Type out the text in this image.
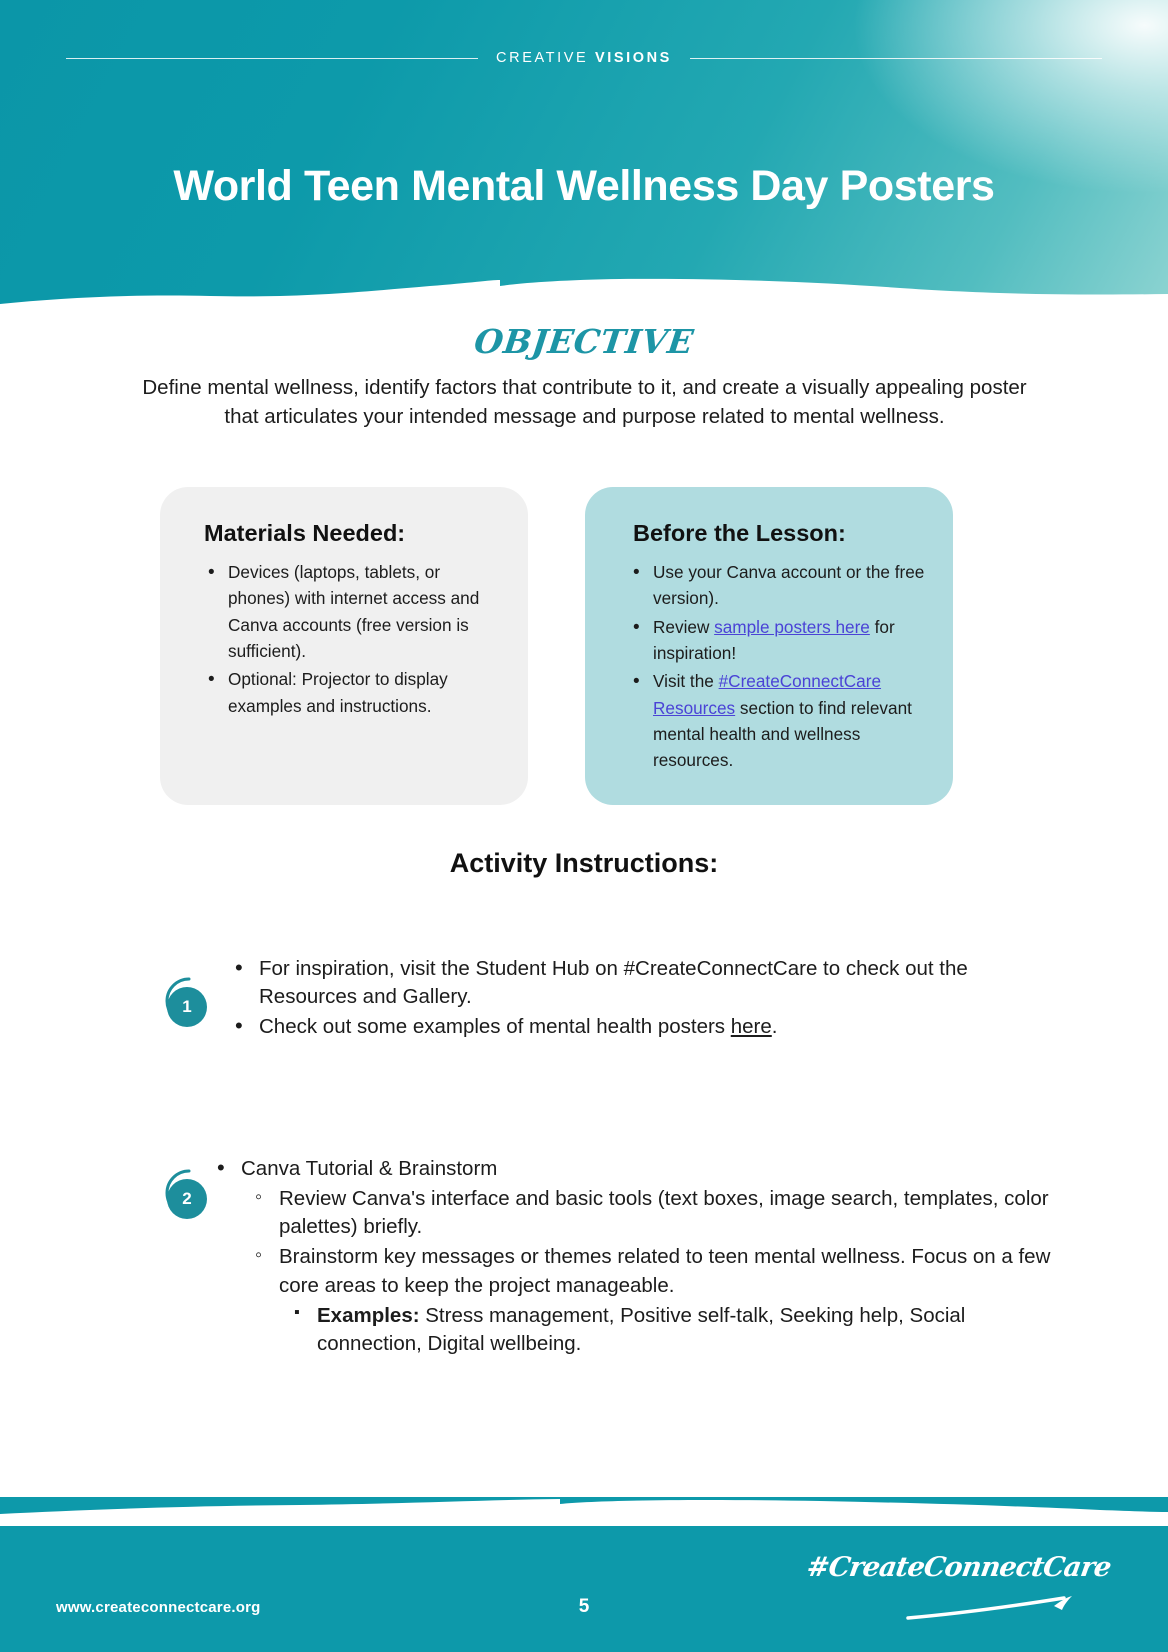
CREATIVE VISIONS
World Teen Mental Wellness Day Posters
OBJECTIVE
Define mental wellness, identify factors that contribute to it, and create a visually appealing poster that articulates your intended message and purpose related to mental wellness.
Materials Needed:
• Devices (laptops, tablets, or phones) with internet access and Canva accounts (free version is sufficient).
• Optional: Projector to display examples and instructions.
Before the Lesson:
• Use your Canva account or the free version).
• Review sample posters here for inspiration!
• Visit the #CreateConnectCare Resources section to find relevant mental health and wellness resources.
Activity Instructions:
1
• For inspiration, visit the Student Hub on #CreateConnectCare to check out the Resources and Gallery.
• Check out some examples of mental health posters here.
2
• Canva Tutorial & Brainstorm
◦ Review Canva's interface and basic tools (text boxes, image search, templates, color palettes) briefly.
◦ Brainstorm key messages or themes related to teen mental wellness. Focus on a few core areas to keep the project manageable.
▪ Examples: Stress management, Positive self-talk, Seeking help, Social connection, Digital wellbeing.
www.createconnectcare.org	5
#CreateConnectCare
